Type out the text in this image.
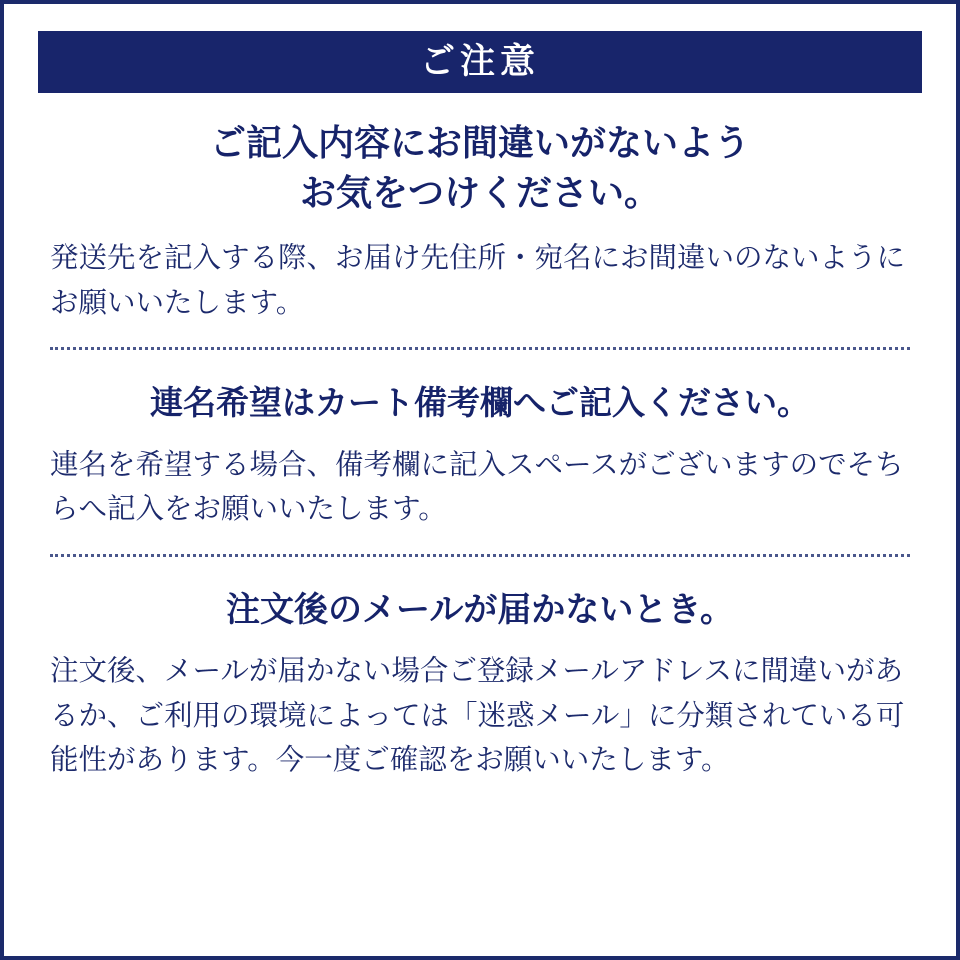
ご注意
ご記入内容にお間違いがないよう
お気をつけください。
発送先を記入する際、お届け先住所・宛名にお間違いのないようにお願いいたします。
連名希望はカート備考欄へご記入ください。
連名を希望する場合、備考欄に記入スペースがございますのでそちらへ記入をお願いいたします。
注文後のメールが届かないとき。
注文後、メールが届かない場合ご登録メールアドレスに間違いがあるか、ご利用の環境によっては「迷惑メール」に分類されている可能性があります。今一度ご確認をお願いいたします。
